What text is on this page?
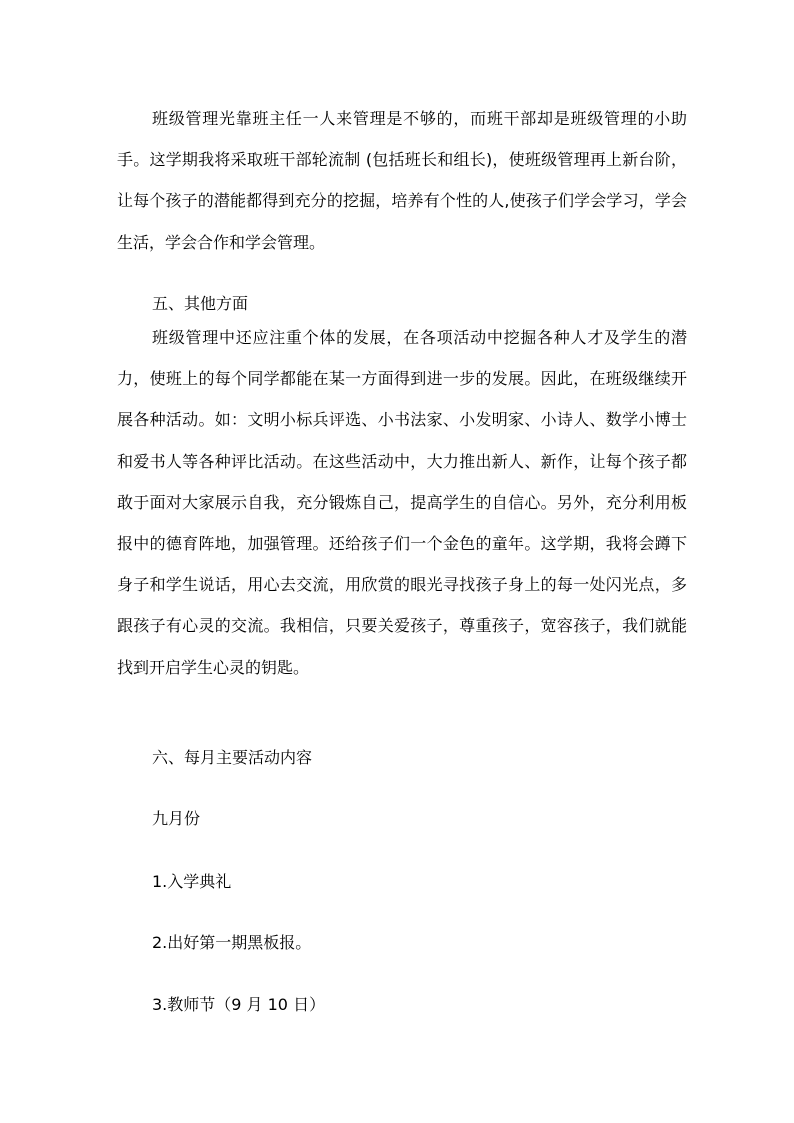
班级管理光靠班主任一人来管理是不够的，而班干部却是班级管理的小助手。这学期我将采取班干部轮流制 (包括班长和组长)，使班级管理再上新台阶，让每个孩子的潜能都得到充分的挖掘，培养有个性的人,使孩子们学会学习，学会生活，学会合作和学会管理。

五、其他方面

班级管理中还应注重个体的发展，在各项活动中挖掘各种人才及学生的潜力，使班上的每个同学都能在某一方面得到进一步的发展。因此，在班级继续开展各种活动。如：文明小标兵评选、小书法家、小发明家、小诗人、数学小博士和爱书人等各种评比活动。在这些活动中，大力推出新人、新作，让每个孩子都敢于面对大家展示自我，充分锻炼自己，提高学生的自信心。另外，充分利用板报中的德育阵地，加强管理。还给孩子们一个金色的童年。这学期，我将会蹲下身子和学生说话，用心去交流，用欣赏的眼光寻找孩子身上的每一处闪光点，多跟孩子有心灵的交流。我相信，只要关爱孩子，尊重孩子，宽容孩子，我们就能找到开启学生心灵的钥匙。

六、每月主要活动内容

九月份

1.入学典礼

2.出好第一期黑板报。

3.教师节（9 月 10 日）
